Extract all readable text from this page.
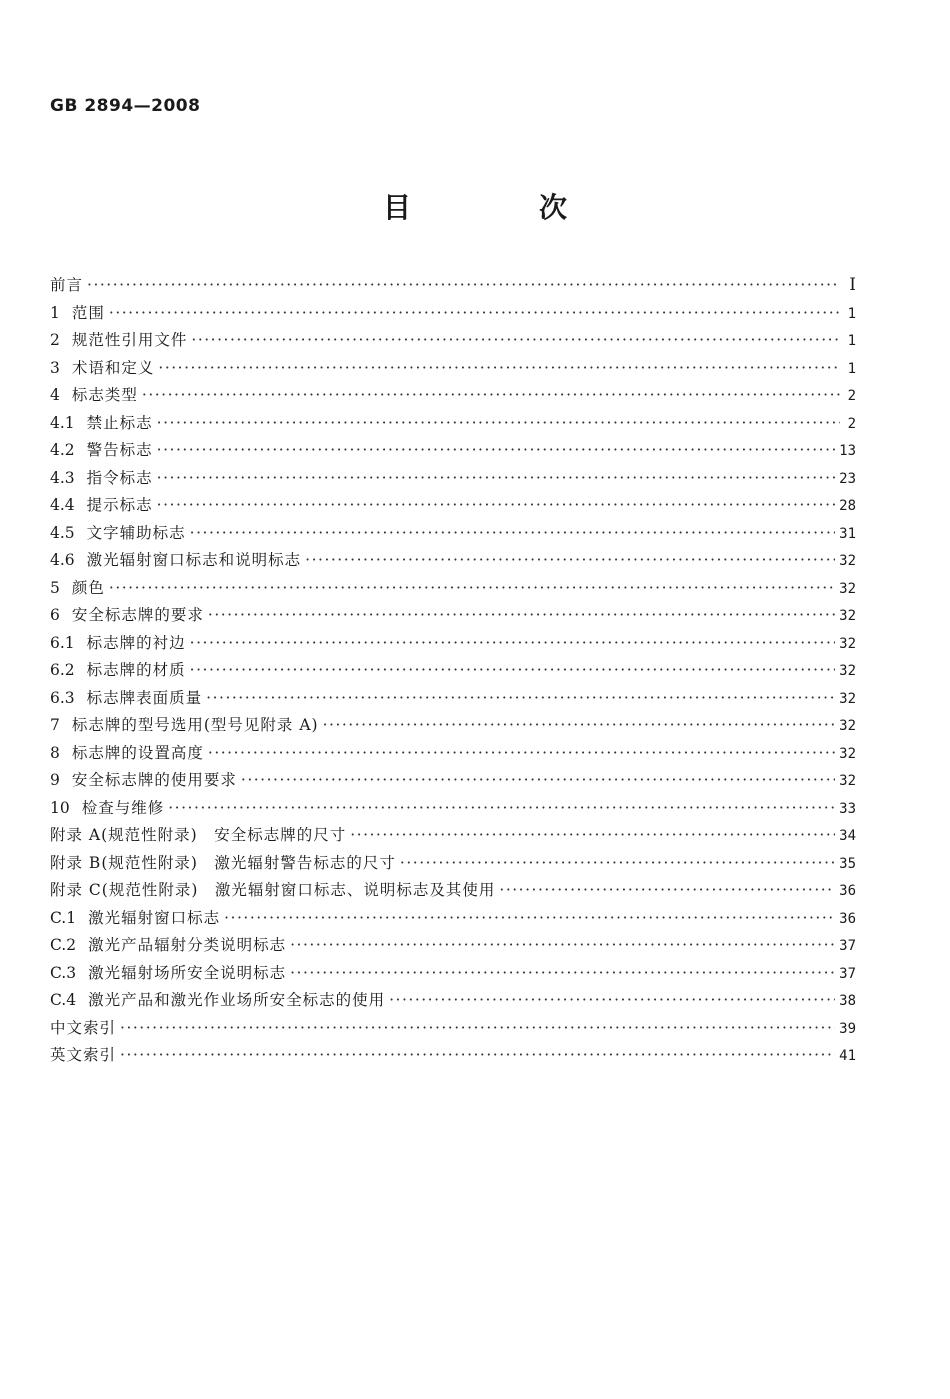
GB 2894—2008
目　次
前言 ·····	I
1 范围 ·····	1
2 规范性引用文件 ·····	1
3 术语和定义 ·····	1
4 标志类型 ·····	2
4.1 禁止标志 ·····	2
4.2 警告标志 ·····	13
4.3 指令标志 ·····	23
4.4 提示标志 ·····	28
4.5 文字辅助标志 ·····	31
4.6 激光辐射窗口标志和说明标志 ·····	32
5 颜色 ·····	32
6 安全标志牌的要求 ·····	32
6.1 标志牌的衬边 ·····	32
6.2 标志牌的材质 ·····	32
6.3 标志牌表面质量 ·····	32
7 标志牌的型号选用(型号见附录 A) ·····	32
8 标志牌的设置高度 ·····	32
9 安全标志牌的使用要求 ·····	32
10 检查与维修 ·····	33
附录 A(规范性附录)　安全标志牌的尺寸 ·····	34
附录 B(规范性附录)　激光辐射警告标志的尺寸 ·····	35
附录 C(规范性附录)　激光辐射窗口标志、说明标志及其使用 ·····	36
C.1 激光辐射窗口标志 ·····	36
C.2 激光产品辐射分类说明标志 ·····	37
C.3 激光辐射场所安全说明标志 ·····	37
C.4 激光产品和激光作业场所安全标志的使用 ·····	38
中文索引 ·····	39
英文索引 ·····	41
